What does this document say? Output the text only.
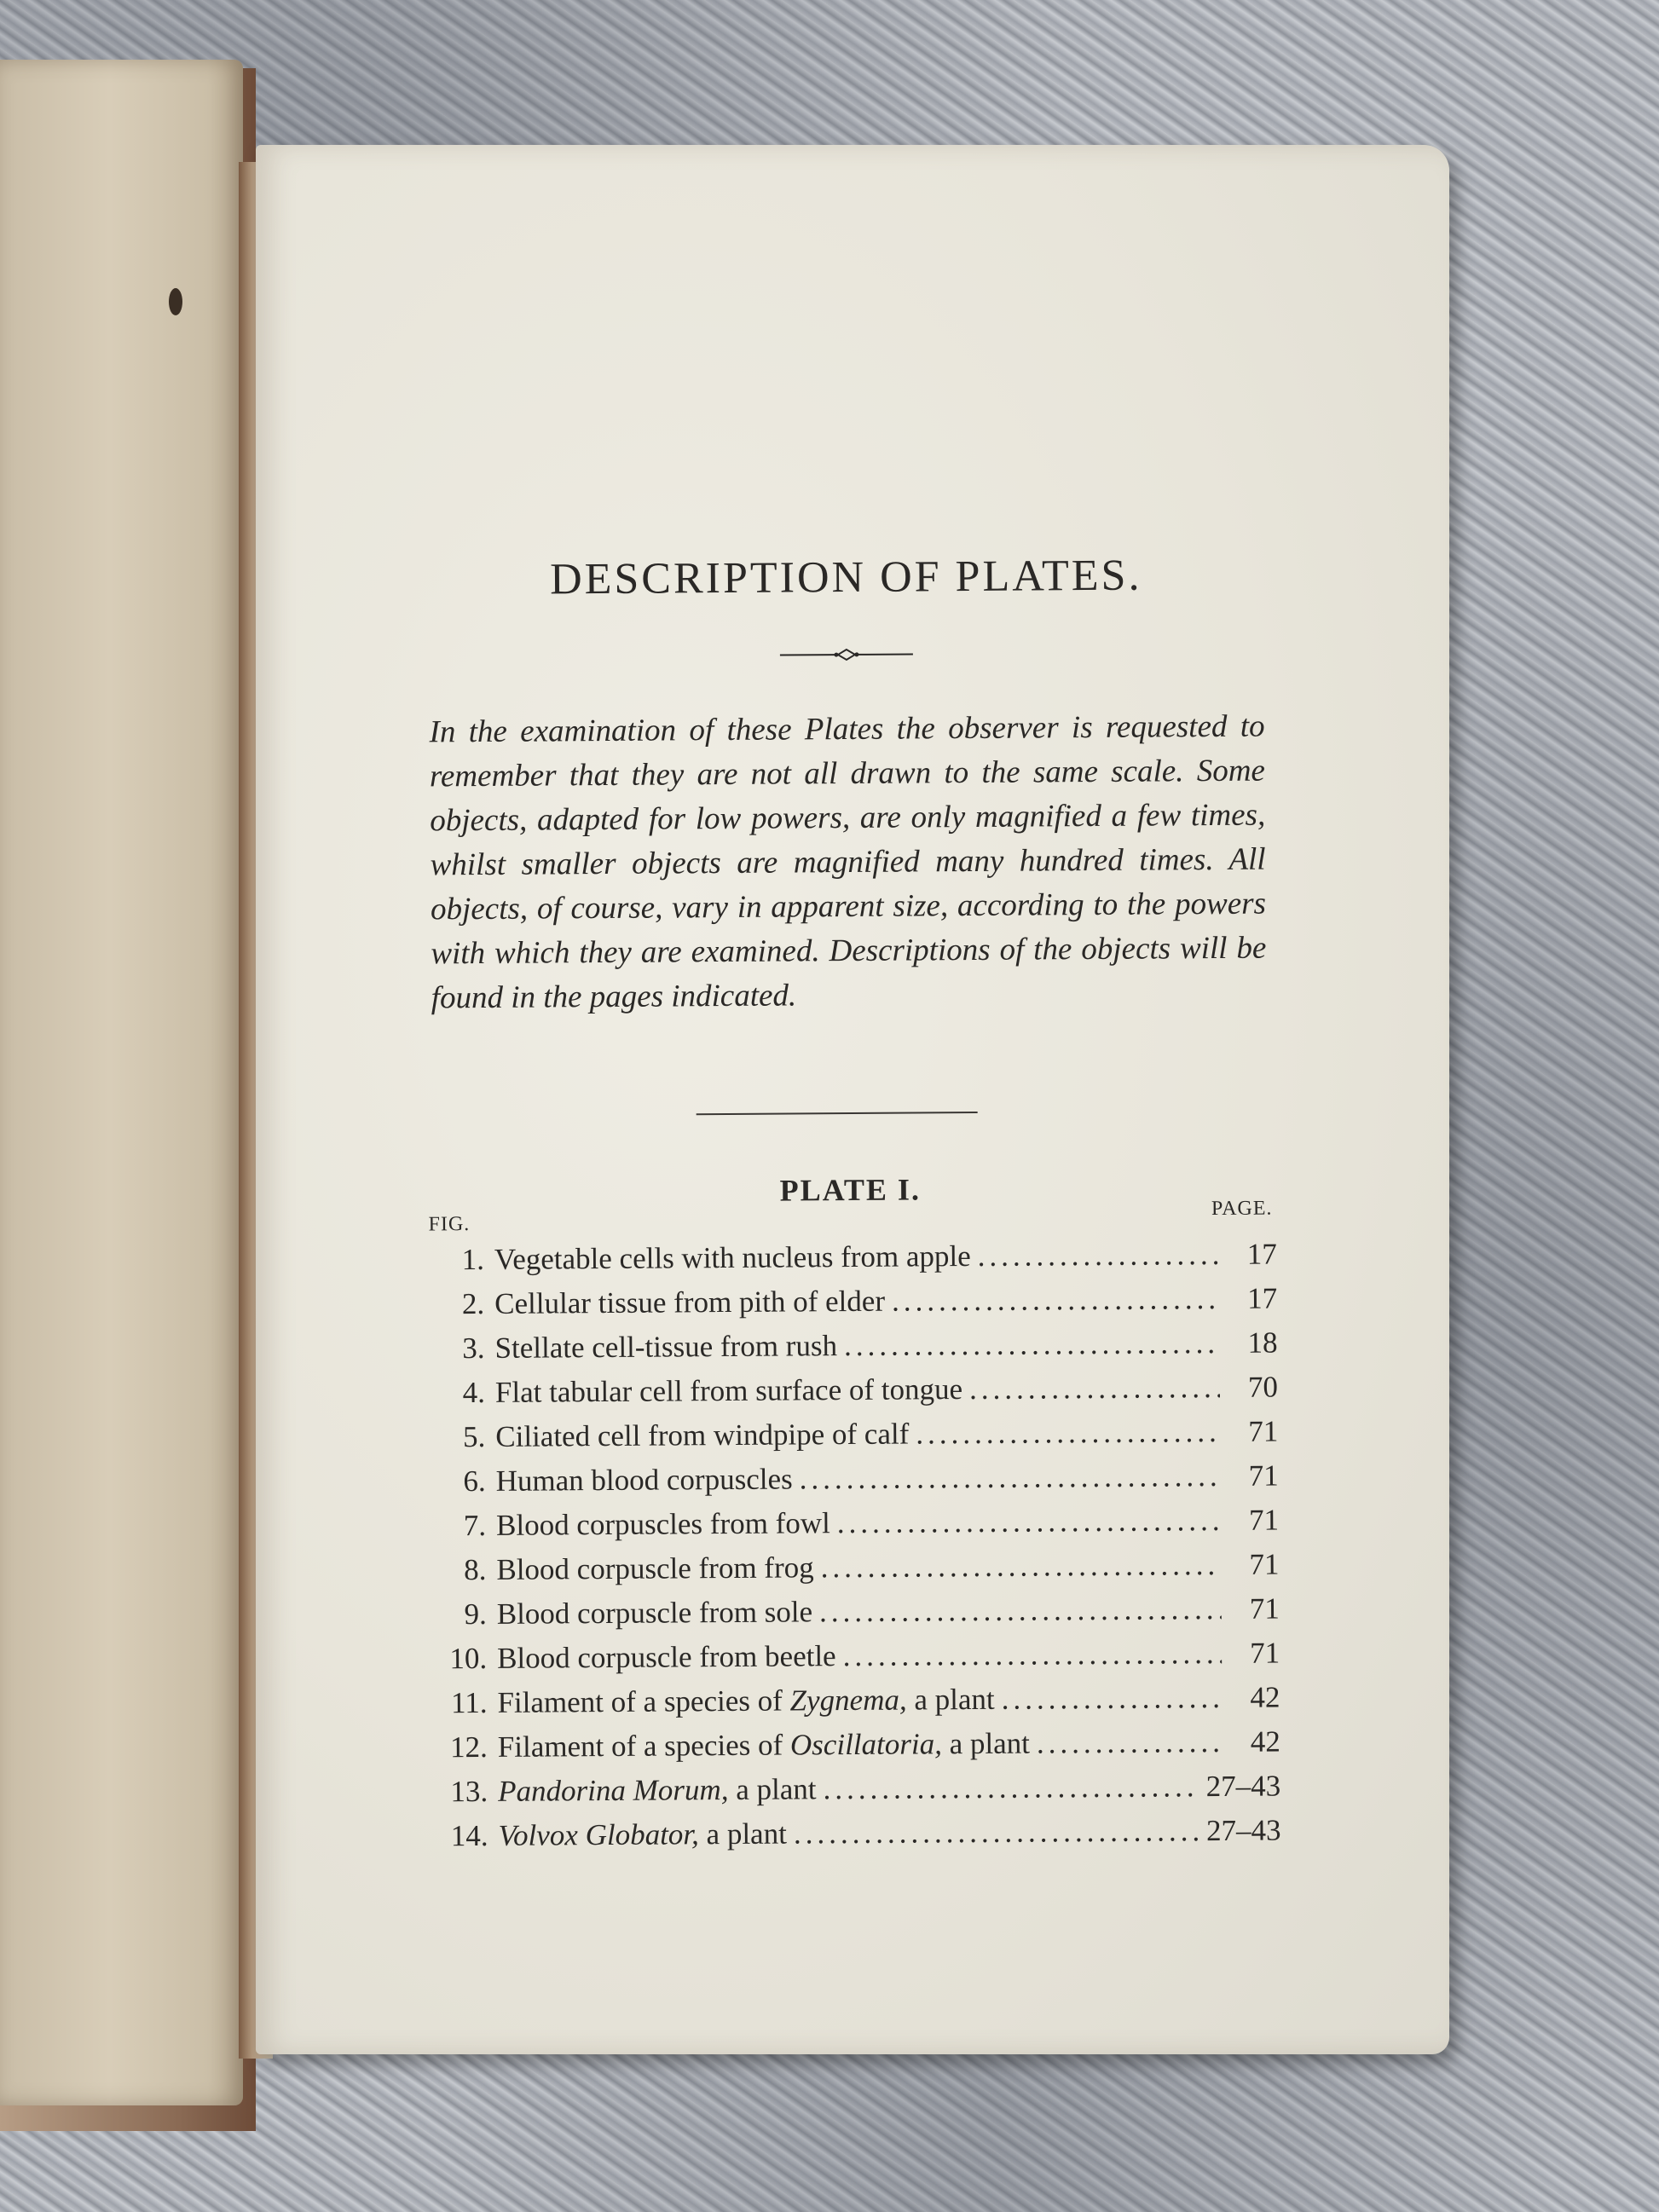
DESCRIPTION OF PLATES.

In the examination of these Plates the observer is requested to remember that they are not all drawn to the same scale. Some objects, adapted for low powers, are only magnified a few times, whilst smaller objects are magnified many hundred times. All objects, of course, vary in apparent size, according to the powers with which they are examined. Descriptions of the objects will be found in the pages indicated.

PLATE I.
FIG.
PAGE.
1. Vegetable cells with nucleus from apple .....	17
2. Cellular tissue from pith of elder .....	17
3. Stellate cell-tissue from rush .....	18
4. Flat tabular cell from surface of tongue .....	70
5. Ciliated cell from windpipe of calf .....	71
6. Human blood corpuscles .....	71
7. Blood corpuscles from fowl .....	71
8. Blood corpuscle from frog .....	71
9. Blood corpuscle from sole .....	71
10. Blood corpuscle from beetle .....	71
11. Filament of a species of Zygnema, a plant .....	42
12. Filament of a species of Oscillatoria, a plant .....	42
13. Pandorina Morum, a plant .....	27–43
14. Volvox Globator, a plant .....	27–43
